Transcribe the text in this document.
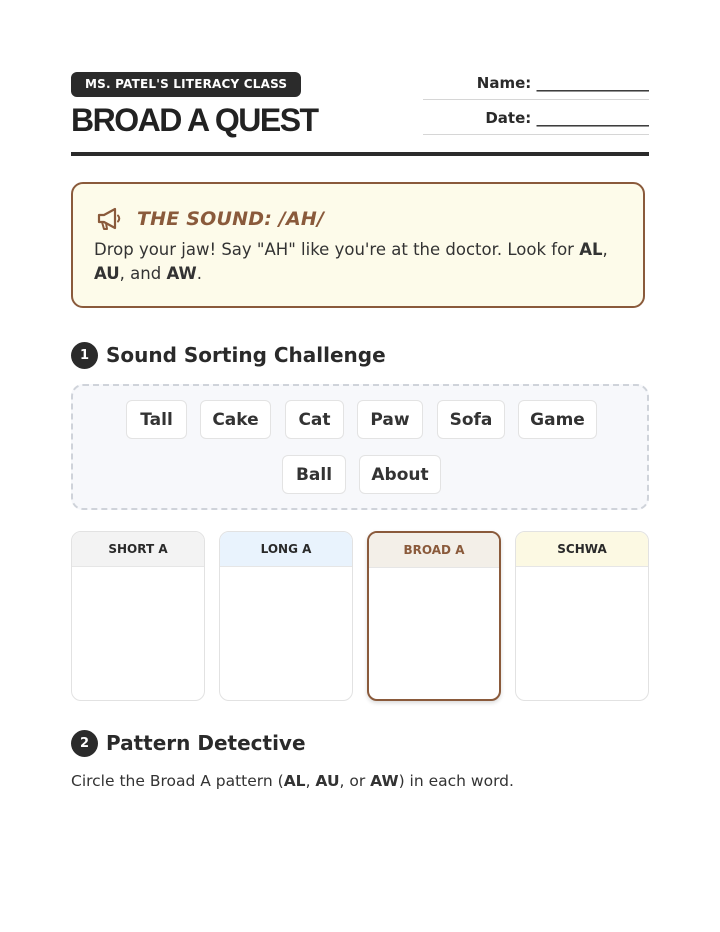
MS. PATEL'S LITERACY CLASS
BROAD A QUEST
Name: _______________
Date: _______________
THE SOUND: /AH/

Drop your jaw! Say "AH" like you're at the doctor. Look for AL, AU, and AW.

1 Sound Sorting Challenge
Tall	Cake	Cat	Paw	Sofa	Game
Ball	About
SHORT A	LONG A	BROAD A	SCHWA
2 Pattern Detective

Circle the Broad A pattern (AL, AU, or AW) in each word.
